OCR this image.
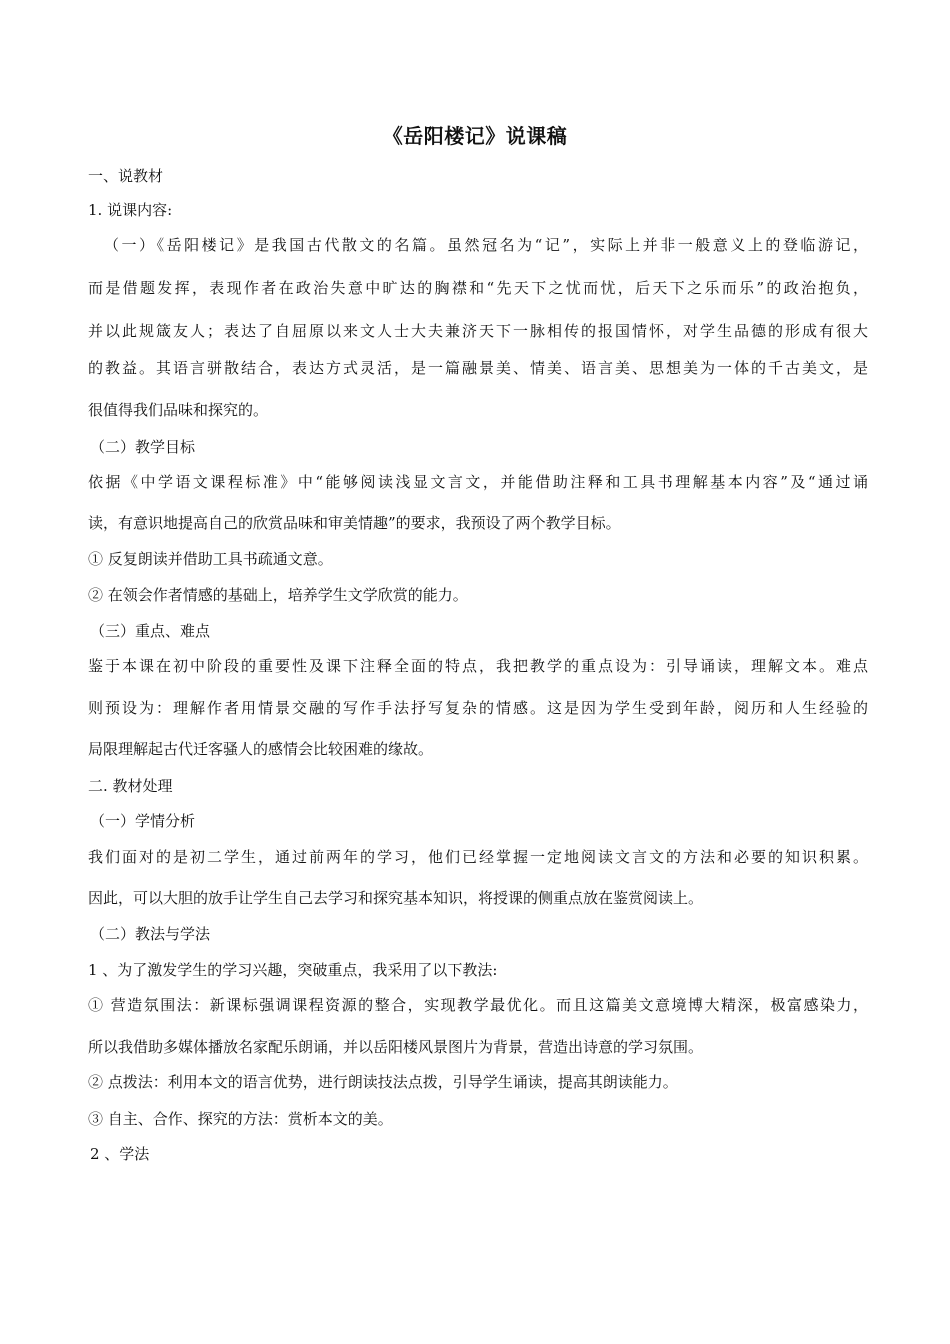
《岳阳楼记》说课稿
一、说教材
1. 说课内容:
（一）《岳阳楼记》是我国古代散文的名篇。虽然冠名为“记”，实际上并非一般意义上的登临游记，
而是借题发挥，表现作者在政治失意中旷达的胸襟和“先天下之忧而忧，后天下之乐而乐”的政治抱负，
并以此规箴友人；表达了自屈原以来文人士大夫兼济天下一脉相传的报国情怀，对学生品德的形成有很大
的教益。其语言骈散结合，表达方式灵活，是一篇融景美、情美、语言美、思想美为一体的千古美文，是
很值得我们品味和探究的。
（二）教学目标
依据《中学语文课程标准》中“能够阅读浅显文言文，并能借助注释和工具书理解基本内容”及“通过诵
读，有意识地提高自己的欣赏品味和审美情趣”的要求，我预设了两个教学目标。
① 反复朗读并借助工具书疏通文意。
② 在领会作者情感的基础上，培养学生文学欣赏的能力。
（三）重点、难点
鉴于本课在初中阶段的重要性及课下注释全面的特点，我把教学的重点设为：引导诵读，理解文本。难点
则预设为：理解作者用情景交融的写作手法抒写复杂的情感。这是因为学生受到年龄，阅历和人生经验的
局限理解起古代迁客骚人的感情会比较困难的缘故。
二. 教材处理
（一）学情分析
我们面对的是初二学生，通过前两年的学习，他们已经掌握一定地阅读文言文的方法和必要的知识积累。
因此，可以大胆的放手让学生自己去学习和探究基本知识，将授课的侧重点放在鉴赏阅读上。
（二）教法与学法
1 、为了激发学生的学习兴趣，突破重点，我采用了以下教法:
① 营造氛围法：新课标强调课程资源的整合，实现教学最优化。而且这篇美文意境博大精深，极富感染力，
所以我借助多媒体播放名家配乐朗诵，并以岳阳楼风景图片为背景，营造出诗意的学习氛围。
② 点拨法：利用本文的语言优势，进行朗读技法点拨，引导学生诵读，提高其朗读能力。
③ 自主、合作、探究的方法：赏析本文的美。
2 、学法
